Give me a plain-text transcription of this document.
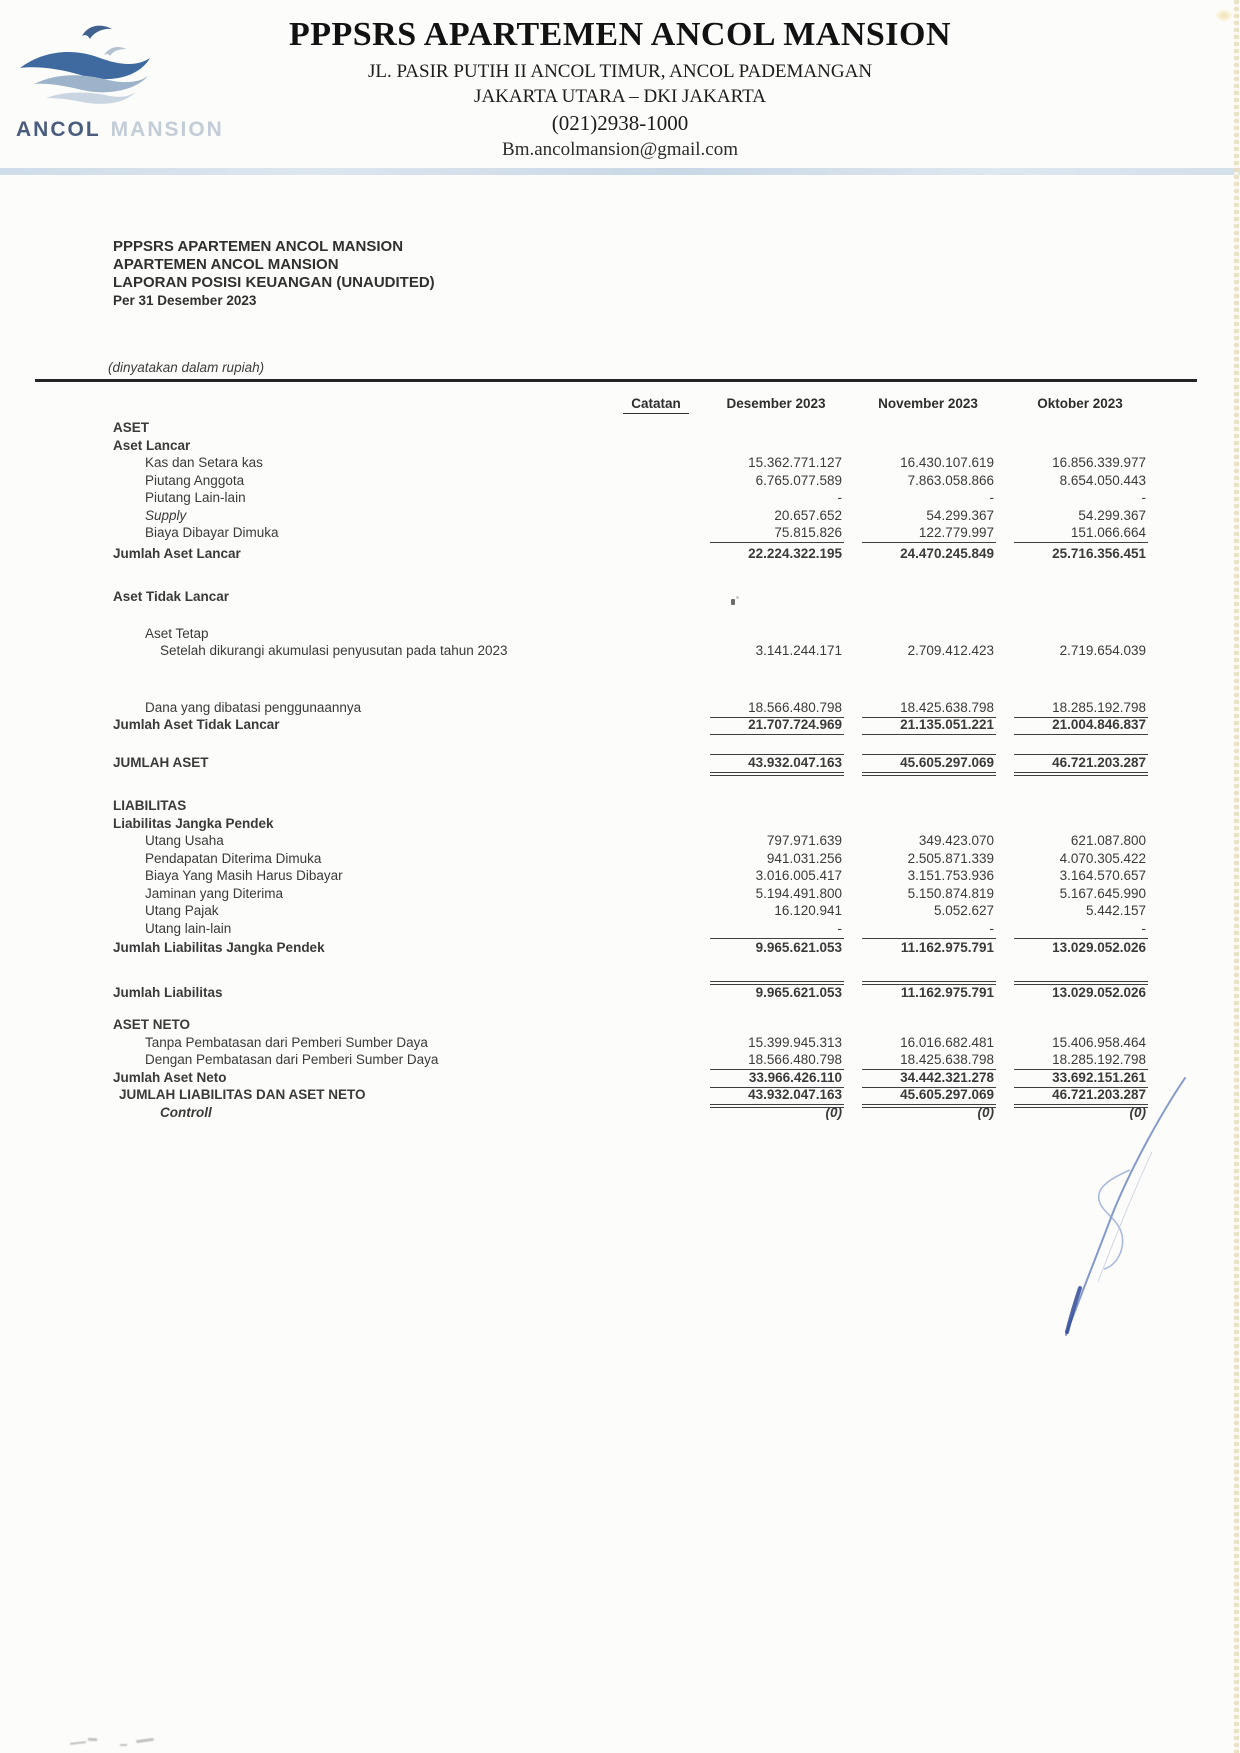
ANCOL MANSION
PPPSRS APARTEMEN ANCOL MANSION
JL. PASIR PUTIH II ANCOL TIMUR, ANCOL PADEMANGAN
JAKARTA UTARA – DKI JAKARTA
(021)2938-1000
Bm.ancolmansion@gmail.com
PPPSRS APARTEMEN ANCOL MANSION
APARTEMEN ANCOL MANSION
LAPORAN POSISI KEUANGAN (UNAUDITED)
Per 31 Desember 2023
(dinyatakan dalam rupiah)
Catatan	Desember 2023	November 2023	Oktober 2023
ASET
Aset Lancar
Kas dan Setara kas	15.362.771.127	16.430.107.619	16.856.339.977
Piutang Anggota	6.765.077.589	7.863.058.866	8.654.050.443
Piutang Lain-lain	-	-	-
Supply	20.657.652	54.299.367	54.299.367
Biaya Dibayar Dimuka	75.815.826	122.779.997	151.066.664
Jumlah Aset Lancar	22.224.322.195	24.470.245.849	25.716.356.451
Aset Tidak Lancar
Aset Tetap
Setelah dikurangi akumulasi penyusutan pada tahun 2023	3.141.244.171	2.709.412.423	2.719.654.039
Dana yang dibatasi penggunaannya	18.566.480.798	18.425.638.798	18.285.192.798
Jumlah Aset Tidak Lancar	21.707.724.969	21.135.051.221	21.004.846.837
JUMLAH ASET	43.932.047.163	45.605.297.069	46.721.203.287
LIABILITAS
Liabilitas Jangka Pendek
Utang Usaha	797.971.639	349.423.070	621.087.800
Pendapatan Diterima Dimuka	941.031.256	2.505.871.339	4.070.305.422
Biaya Yang Masih Harus Dibayar	3.016.005.417	3.151.753.936	3.164.570.657
Jaminan yang Diterima	5.194.491.800	5.150.874.819	5.167.645.990
Utang Pajak	16.120.941	5.052.627	5.442.157
Utang lain-lain	-	-	-
Jumlah Liabilitas Jangka Pendek	9.965.621.053	11.162.975.791	13.029.052.026
Jumlah Liabilitas	9.965.621.053	11.162.975.791	13.029.052.026
ASET NETO
Tanpa Pembatasan dari Pemberi Sumber Daya	15.399.945.313	16.016.682.481	15.406.958.464
Dengan Pembatasan dari Pemberi Sumber Daya	18.566.480.798	18.425.638.798	18.285.192.798
Jumlah Aset Neto	33.966.426.110	34.442.321.278	33.692.151.261
JUMLAH LIABILITAS DAN ASET NETO	43.932.047.163	45.605.297.069	46.721.203.287
Controll	(0)	(0)	(0)
